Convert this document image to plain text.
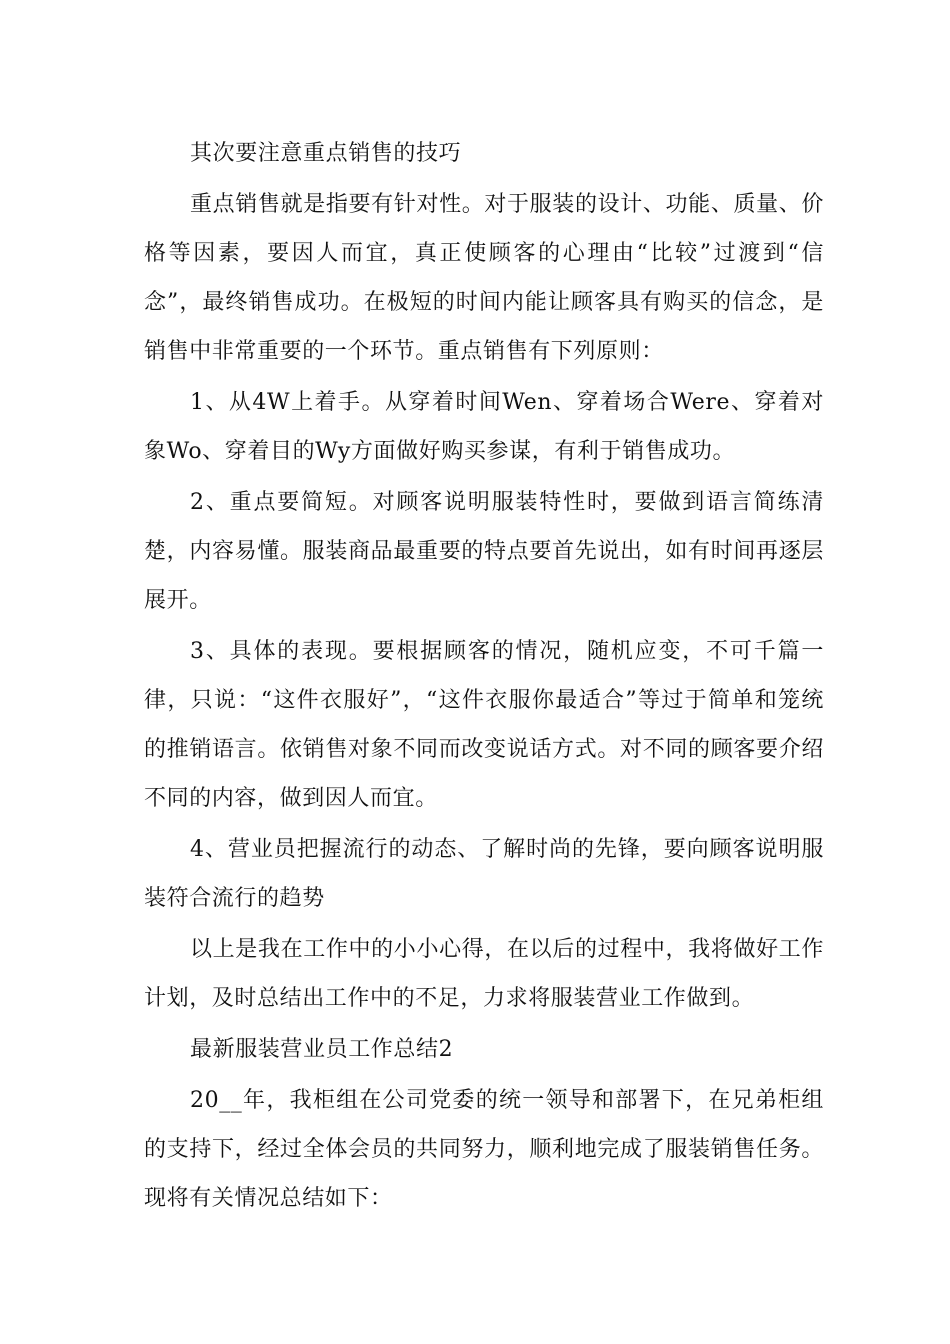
其次要注意重点销售的技巧

重点销售就是指要有针对性。对于服装的设计、功能、质量、价格等因素，要因人而宜，真正使顾客的心理由“比较”过渡到“信念”，最终销售成功。在极短的时间内能让顾客具有购买的信念，是销售中非常重要的一个环节。重点销售有下列原则：

1、从4W上着手。从穿着时间Wen、穿着场合Were、穿着对象Wo、穿着目的Wy方面做好购买参谋，有利于销售成功。

2、重点要简短。对顾客说明服装特性时，要做到语言简练清楚，内容易懂。服装商品最重要的特点要首先说出，如有时间再逐层展开。

3、具体的表现。要根据顾客的情况，随机应变，不可千篇一律，只说：“这件衣服好”，“这件衣服你最适合”等过于简单和笼统的推销语言。依销售对象不同而改变说话方式。对不同的顾客要介绍不同的内容，做到因人而宜。

4、营业员把握流行的动态、了解时尚的先锋，要向顾客说明服装符合流行的趋势

以上是我在工作中的小小心得，在以后的过程中，我将做好工作计划，及时总结出工作中的不足，力求将服装营业工作做到。

最新服装营业员工作总结2

20__年，我柜组在公司党委的统一领导和部署下，在兄弟柜组的支持下，经过全体会员的共同努力，顺利地完成了服装销售任务。现将有关情况总结如下：
